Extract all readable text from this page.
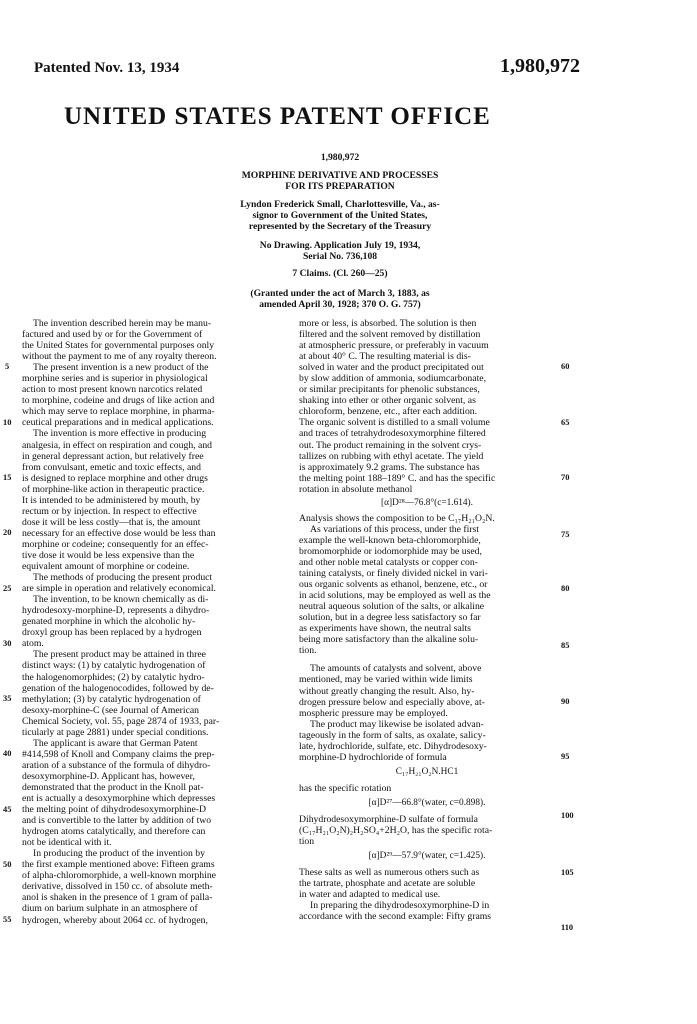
Patented Nov. 13, 1934	1,980,972
UNITED STATES PATENT OFFICE
1,980,972
MORPHINE DERIVATIVE AND PROCESSES
FOR ITS PREPARATION
Lyndon Frederick Small, Charlottesville, Va., as-
signor to Government of the United States,
represented by the Secretary of the Treasury
No Drawing. Application July 19, 1934,
Serial No. 736,108
7 Claims. (Cl. 260—25)
(Granted under the act of March 3, 1883, as
amended April 30, 1928; 370 O. G. 757)
The invention described herein may be manu-
factured and used by or for the Government of
the United States for governmental purposes only
without the payment to me of any royalty thereon.
The present invention is a new product of the
morphine series and is superior in physiological
action to most present known narcotics related
to morphine, codeine and drugs of like action and
which may serve to replace morphine, in pharma-
ceutical preparations and in medical applications.
The invention is more effective in producing
analgesia, in effect on respiration and cough, and
in general depressant action, but relatively free
from convulsant, emetic and toxic effects, and
is designed to replace morphine and other drugs
of morphine-like action in therapeutic practice.
It is intended to be administered by mouth, by
rectum or by injection. In respect to effective
dose it will be less costly—that is, the amount
necessary for an effective dose would be less than
morphine or codeine; consequently for an effec-
tive dose it would be less expensive than the
equivalent amount of morphine or codeine.
The methods of producing the present product
are simple in operation and relatively economical.
The invention, to be known chemically as di-
hydrodesoxy-morphine-D, represents a dihydro-
genated morphine in which the alcoholic hy-
droxyl group has been replaced by a hydrogen
atom.
The present product may be attained in three
distinct ways: (1) by catalytic hydrogenation of
the halogenomorphides; (2) by catalytic hydro-
genation of the halogenocodides, followed by de-
methylation; (3) by catalytic hydrogenation of
desoxy-morphine-C (see Journal of American
Chemical Society, vol. 55, page 2874 of 1933, par-
ticularly at page 2881) under special conditions.
The applicant is aware that German Patent
#414,598 of Knoll and Company claims the prep-
aration of a substance of the formula of dihydro-
desoxymorphine-D. Applicant has, however,
demonstrated that the product in the Knoll pat-
ent is actually a desoxymorphine which depresses
the melting point of dihydrodesoxymorphine-D
and is convertible to the latter by addition of two
hydrogen atoms catalytically, and therefore can
not be identical with it.
In producing the product of the invention by
the first example mentioned above: Fifteen grams
of alpha-chloromorphide, a well-known morphine
derivative, dissolved in 150 cc. of absolute meth-
anol is shaken in the presence of 1 gram of palla-
dium on barium sulphate in an atmosphere of
hydrogen, whereby about 2064 cc. of hydrogen,
more or less, is absorbed. The solution is then
filtered and the solvent removed by distillation
at atmospheric pressure, or preferably in vacuum
at about 40° C. The resulting material is dis-
solved in water and the product precipitated out
by slow addition of ammonia, sodiumcarbonate,
or similar precipitants for phenolic substances,
shaking into ether or other organic solvent, as
chloroform, benzene, etc., after each addition.
The organic solvent is distilled to a small volume
and traces of tetrahydrodesoxymorphine filtered
out. The product remaining in the solvent crys-
tallizes on rubbing with ethyl acetate. The yield
is approximately 9.2 grams. The substance has
the melting point 188–189° C. and has the specific
rotation in absolute methanol
[α]D²⁸—76.8°(c=1.614).
Analysis shows the composition to be C₁₇H₂₁O₂N.
As variations of this process, under the first
example the well-known beta-chloromorphide,
bromomorphide or iodomorphide may be used,
and other noble metal catalysts or copper con-
taining catalysts, or finely divided nickel in vari-
ous organic solvents as ethanol, benzene, etc., or
in acid solutions, may be employed as well as the
neutral aqueous solution of the salts, or alkaline
solution, but in a degree less satisfactory so far
as experiments have shown, the neutral salts
being more satisfactory than the alkaline solu-
tion.
The amounts of catalysts and solvent, above
mentioned, may be varied within wide limits
without greatly changing the result. Also, hy-
drogen pressure below and especially above, at-
mospheric pressure may be employed.
The product may likewise be isolated advan-
tageously in the form of salts, as oxalate, salicy-
late, hydrochloride, sulfate, etc. Dihydrodesoxy-
morphine-D hydrochloride of formula
C₁₇H₂₁O₂N.HC1
has the specific rotation
[α]D²⁷—66.8°(water, c=0.898).
Dihydrodesoxymorphine-D sulfate of formula
(C₁₇H₂₁O₂N)₂H₂SO₄+2H₂O, has the specific rota-
tion
[α]D²⁹—57.9°(water, c=1.425).
These salts as well as numerous others such as
the tartrate, phosphate and acetate are soluble
in water and adapted to medical use.
In preparing the dihydrodesoxymorphine-D in
accordance with the second example: Fifty grams
5
10
15
20
25
30
35
40
45
50
55
60
65
70
75
80
85
90
95
100
105
110
